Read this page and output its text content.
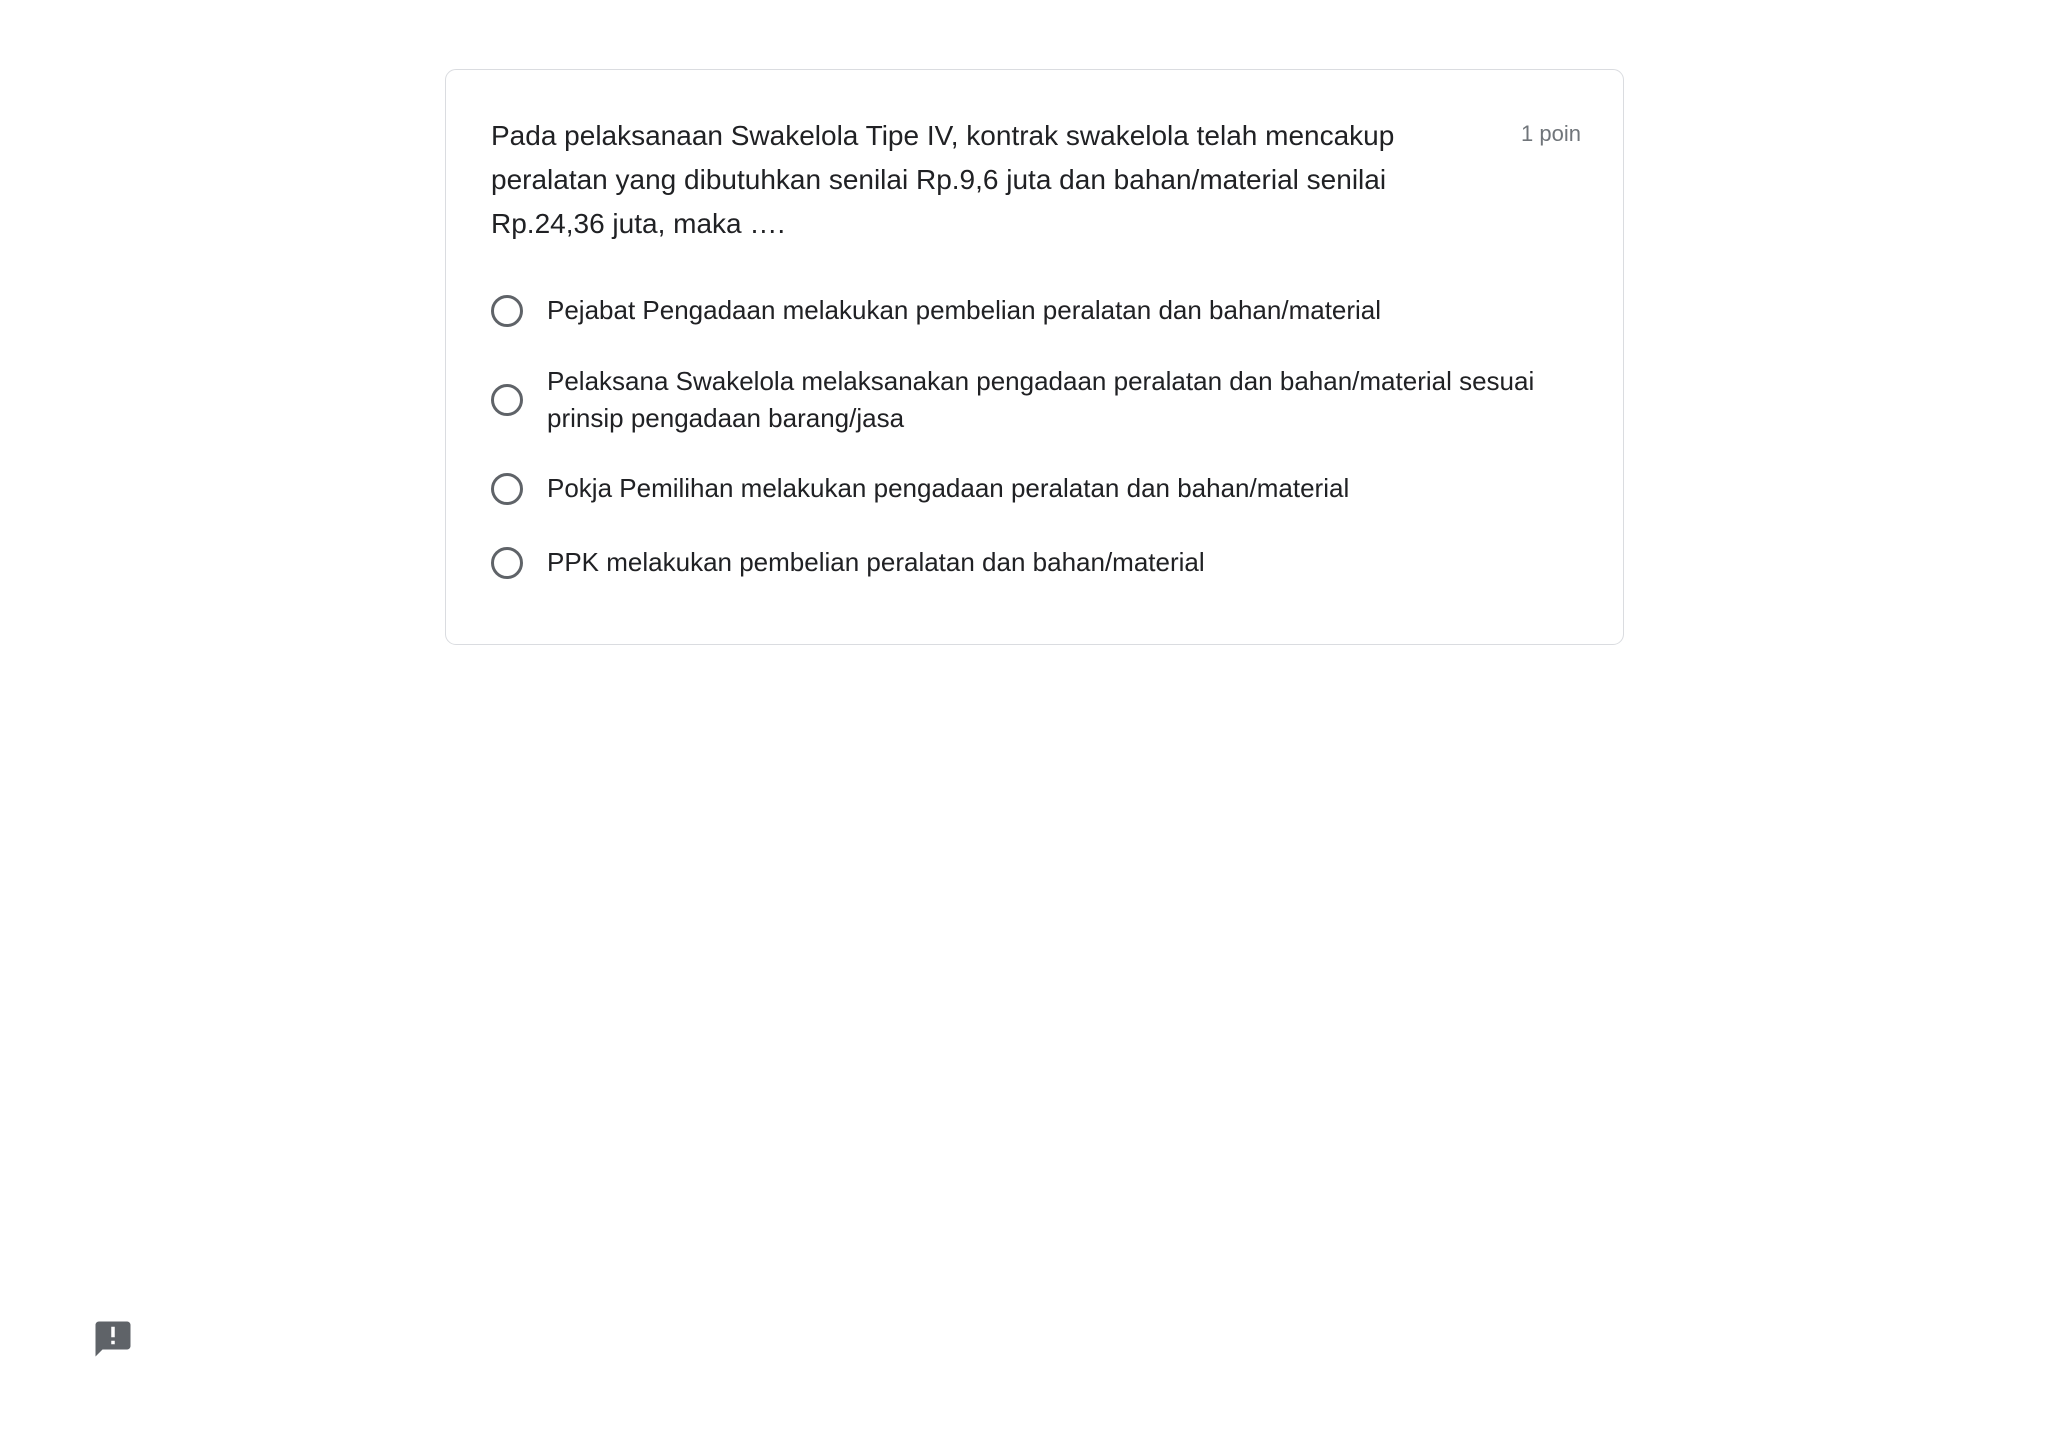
Pada pelaksanaan Swakelola Tipe IV, kontrak swakelola telah mencakup peralatan yang dibutuhkan senilai Rp.9,6 juta dan bahan/material senilai Rp.24,36 juta, maka ….

1 poin
Pejabat Pengadaan melakukan pembelian peralatan dan bahan/material
Pelaksana Swakelola melaksanakan pengadaan peralatan dan bahan/material sesuai prinsip pengadaan barang/jasa
Pokja Pemilihan melakukan pengadaan peralatan dan bahan/material
PPK melakukan pembelian peralatan dan bahan/material
